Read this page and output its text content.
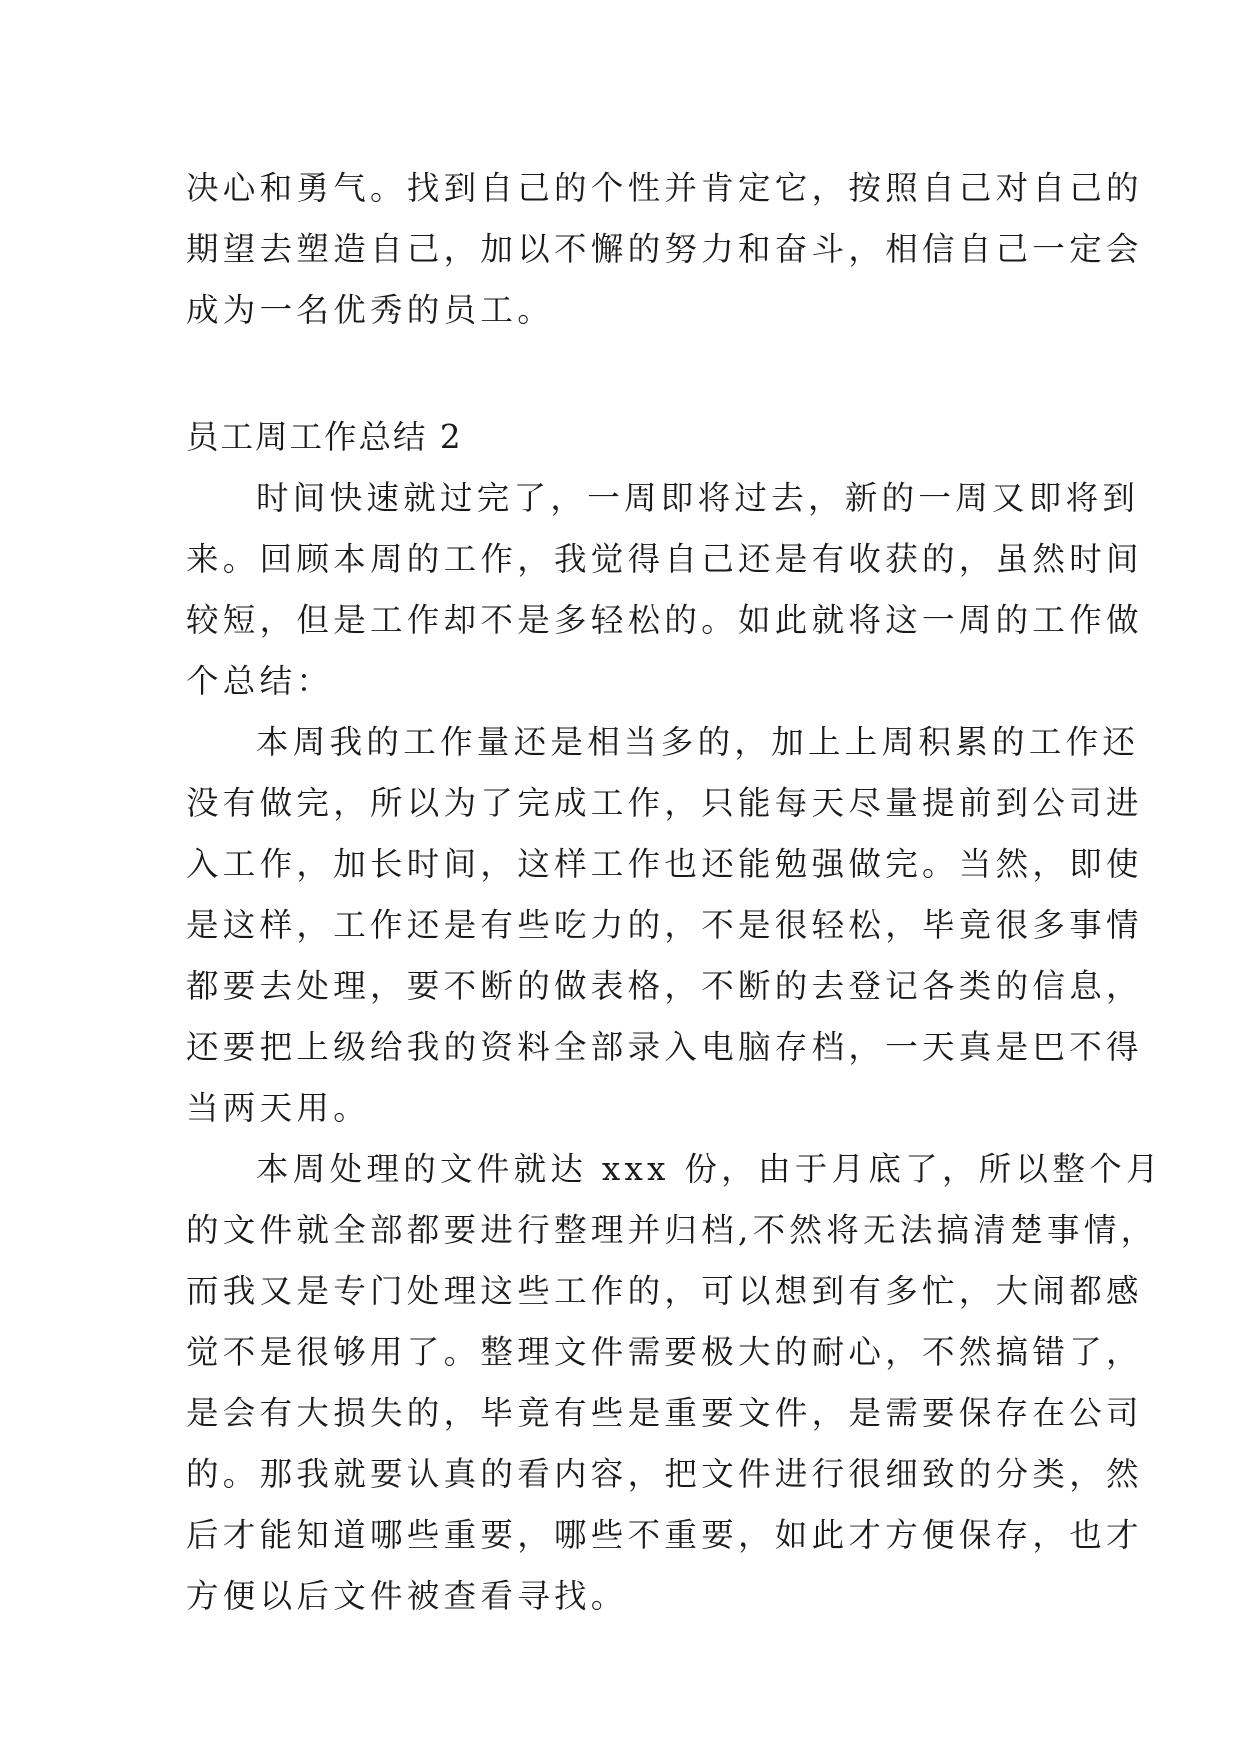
决心和勇气。找到自己的个性并肯定它，按照自己对自己的
期望去塑造自己，加以不懈的努力和奋斗，相信自己一定会
成为一名优秀的员工。
员工周工作总结 2
时间快速就过完了，一周即将过去，新的一周又即将到
来。回顾本周的工作，我觉得自己还是有收获的，虽然时间
较短，但是工作却不是多轻松的。如此就将这一周的工作做
个总结：
本周我的工作量还是相当多的，加上上周积累的工作还
没有做完，所以为了完成工作，只能每天尽量提前到公司进
入工作，加长时间，这样工作也还能勉强做完。当然，即使
是这样，工作还是有些吃力的，不是很轻松，毕竟很多事情
都要去处理，要不断的做表格，不断的去登记各类的信息，
还要把上级给我的资料全部录入电脑存档，一天真是巴不得
当两天用。
本周处理的文件就达 xxx 份，由于月底了，所以整个月
的文件就全部都要进行整理并归档,不然将无法搞清楚事情，
而我又是专门处理这些工作的，可以想到有多忙，大闹都感
觉不是很够用了。整理文件需要极大的耐心，不然搞错了，
是会有大损失的，毕竟有些是重要文件，是需要保存在公司
的。那我就要认真的看内容，把文件进行很细致的分类，然
后才能知道哪些重要，哪些不重要，如此才方便保存，也才
方便以后文件被查看寻找。
